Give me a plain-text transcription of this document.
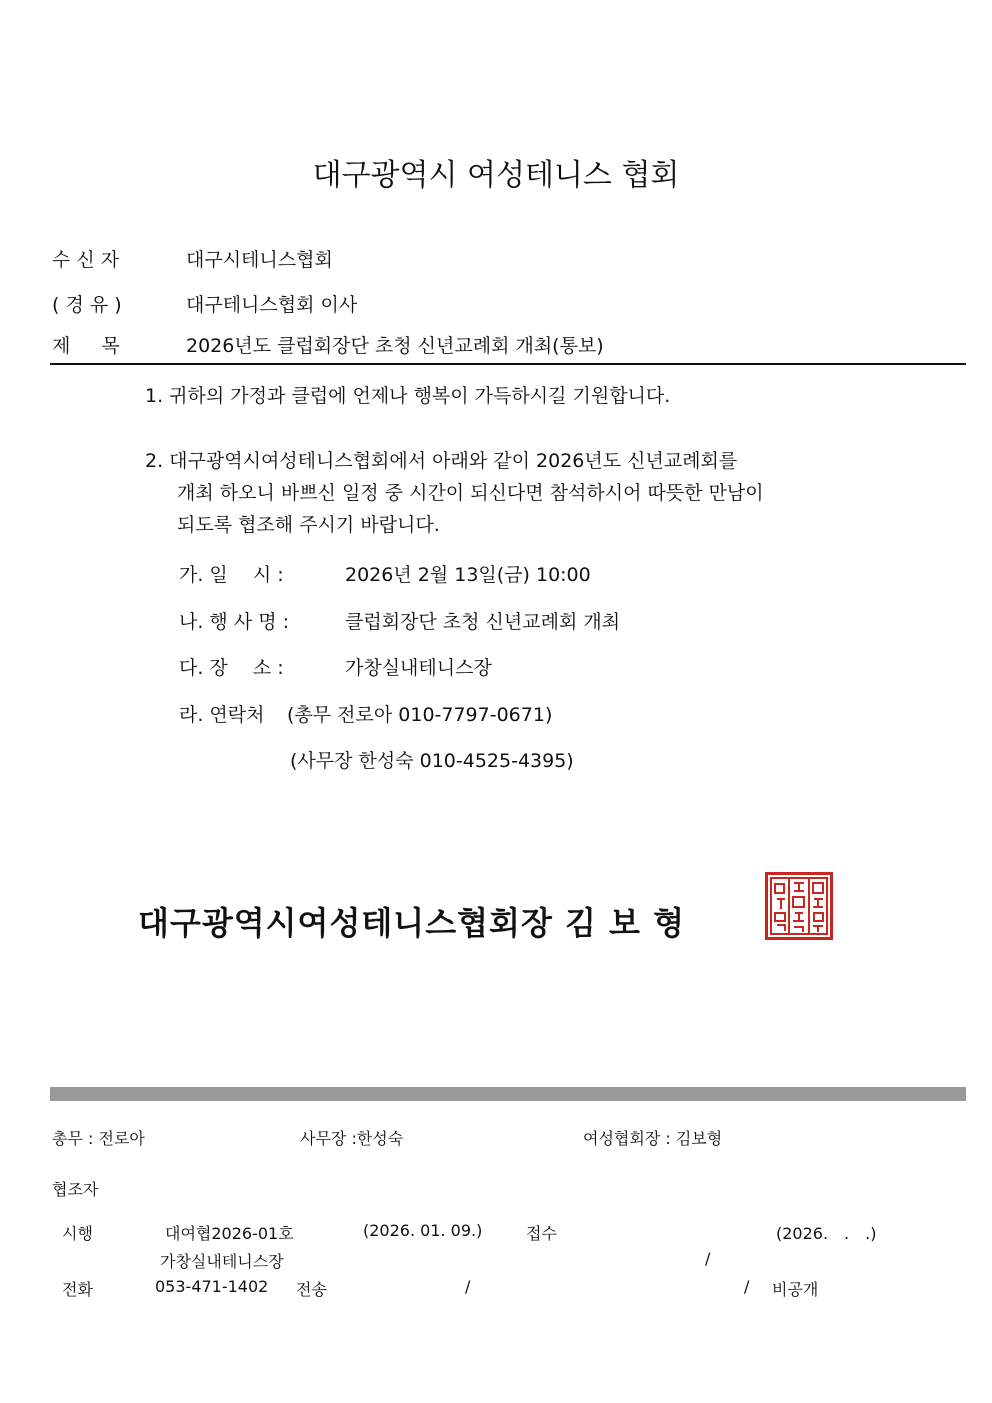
대구광역시 여성테니스 협회
수 신 자	대구시테니스협회
( 경 유 )	대구테니스협회 이사
제 　 목	2026년도 클럽회장단 초청 신년교례회 개최(통보)
1. 귀하의 가정과 클럽에 언제나 행복이 가득하시길 기원합니다.
2. 대구광역시여성테니스협회에서 아래와 같이 2026년도 신년교례회를
개최 하오니 바쁘신 일정 중 시간이 되신다면 참석하시어 따뜻한 만남이
되도록 협조해 주시기 바랍니다.
가. 일　 시 :	2026년 2월 13일(금) 10:00
나. 행 사 명 :	클럽회장단 초청 신년교례회 개최
다. 장　 소 :	가창실내테니스장
라. 연락처 (총무 전로아 010-7797-0671)
(사무장 한성숙 010-4525-4395)
대구광역시여성테니스협회장 김 보 형
총무 : 전로아	사무장 :한성숙	여성협회장 : 김보형
협조자
시행	대여협2026-01호	(2026. 01. 09.)	접수	(2026.　.　.)
가창실내테니스장	/
전화	053-471-1402 전송	/	/ 비공개
